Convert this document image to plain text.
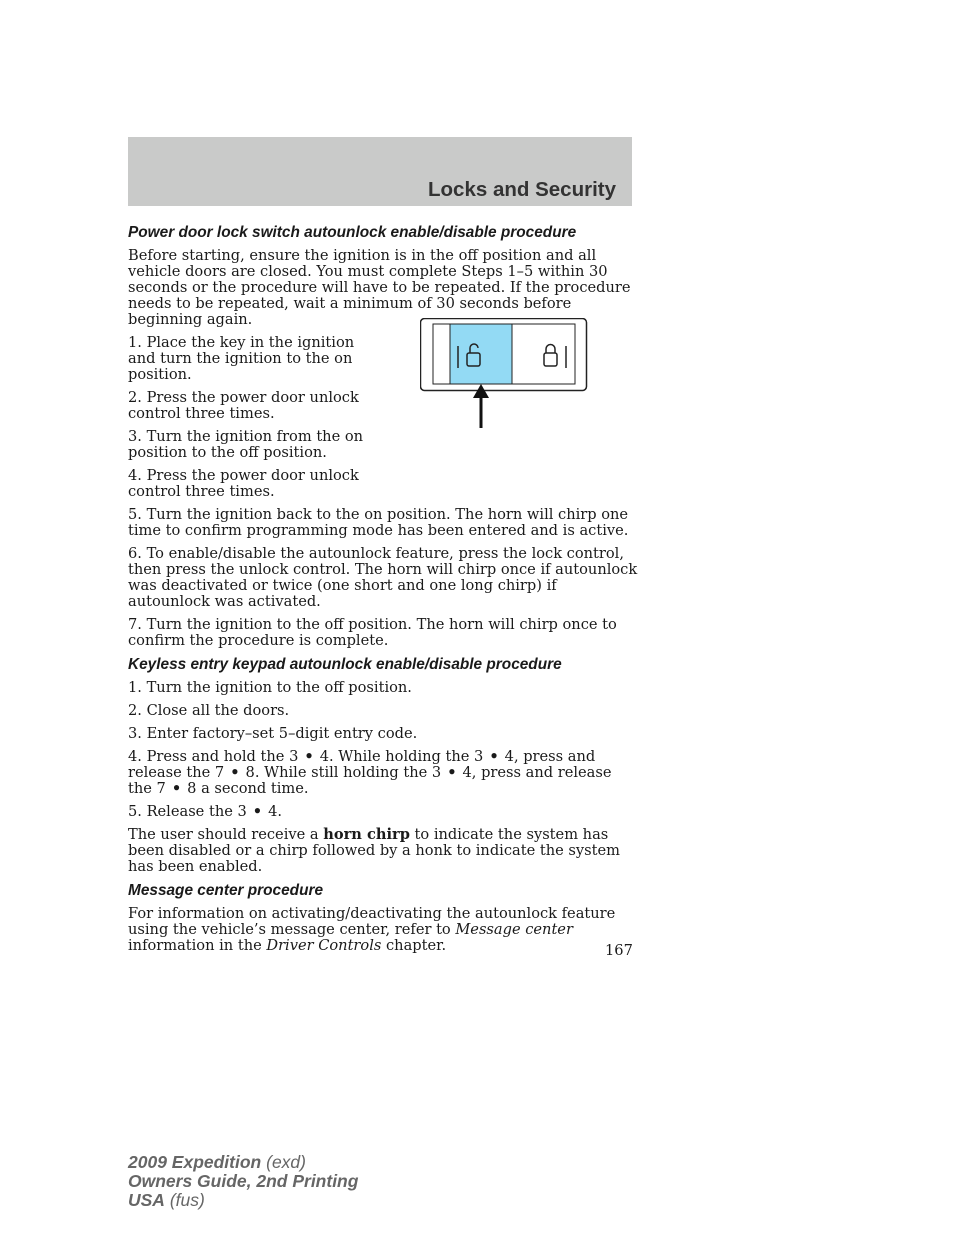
Locks and Security
Power door lock switch autounlock enable/disable procedure

Before starting, ensure the ignition is in the off position and all vehicle doors are closed. You must complete Steps 1–5 within 30 seconds or the procedure will have to be repeated. If the procedure needs to be repeated, wait a minimum of 30 seconds before beginning again.

1. Place the key in the ignition and turn the ignition to the on position.

2. Press the power door unlock control three times.

3. Turn the ignition from the on position to the off position.

4. Press the power door unlock control three times.

5. Turn the ignition back to the on position. The horn will chirp one time to confirm programming mode has been entered and is active.

6. To enable/disable the autounlock feature, press the lock control, then press the unlock control. The horn will chirp once if autounlock was deactivated or twice (one short and one long chirp) if autounlock was activated.

7. Turn the ignition to the off position. The horn will chirp once to confirm the procedure is complete.

Keyless entry keypad autounlock enable/disable procedure

1. Turn the ignition to the off position.

2. Close all the doors.

3. Enter factory–set 5–digit entry code.

4. Press and hold the 3 • 4. While holding the 3 • 4, press and release the 7 • 8. While still holding the 3 • 4, press and release the 7 • 8 a second time.

5. Release the 3 • 4.

The user should receive a horn chirp to indicate the system has been disabled or a chirp followed by a honk to indicate the system has been enabled.

Message center procedure

For information on activating/deactivating the autounlock feature using the vehicle’s message center, refer to Message center information in the Driver Controls chapter.	167
2009 Expedition (exd)
Owners Guide, 2nd Printing
USA (fus)
